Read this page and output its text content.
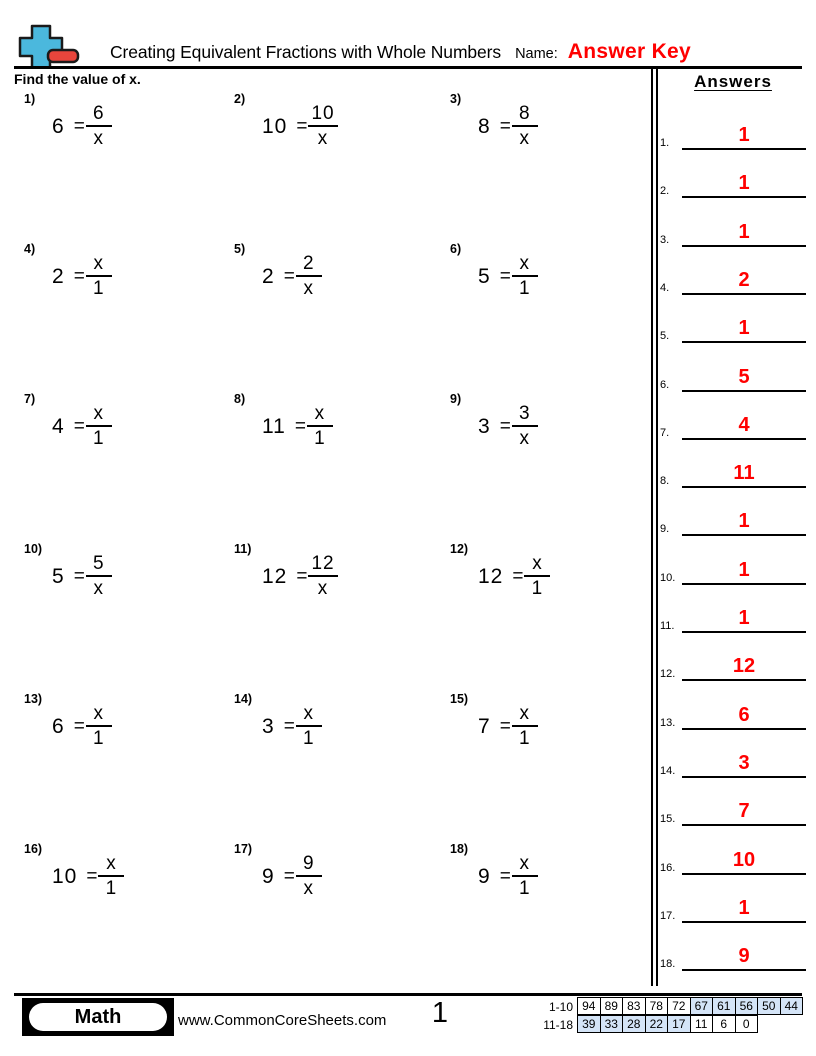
Creating Equivalent Fractions with Whole Numbers Name: Answer Key
Find the value of x.
1)
$6 = \frac{6}{x}$
2)
$10 = \frac{10}{x}$
3)
$8 = \frac{8}{x}$
4)
$2 = \frac{x}{1}$
5)
$2 = \frac{2}{x}$
6)
$5 = \frac{x}{1}$
7)
$4 = \frac{x}{1}$
8)
$11 = \frac{x}{1}$
9)
$3 = \frac{3}{x}$
10)
$5 = \frac{5}{x}$
11)
$12 = \frac{12}{x}$
12)
$12 = \frac{x}{1}$
13)
$6 = \frac{x}{1}$
14)
$3 = \frac{x}{1}$
15)
$7 = \frac{x}{1}$
16)
$10 = \frac{x}{1}$
17)
$9 = \frac{9}{x}$
18)
$9 = \frac{x}{1}$
Answers
1.	1
2.	1
3.	1
4.	2
5.	1
6.	5
7.	4
8.	11
9.	1
10.	1
11.	1
12.	12
13.	6
14.	3
15.	7
16.	10
17.	1
18.	9
Math	www.CommonCoreSheets.com	1	1-10 94 89 83 78 72 67 61 56 50 44
11-18 39 33 28 22 17 11	6	0
